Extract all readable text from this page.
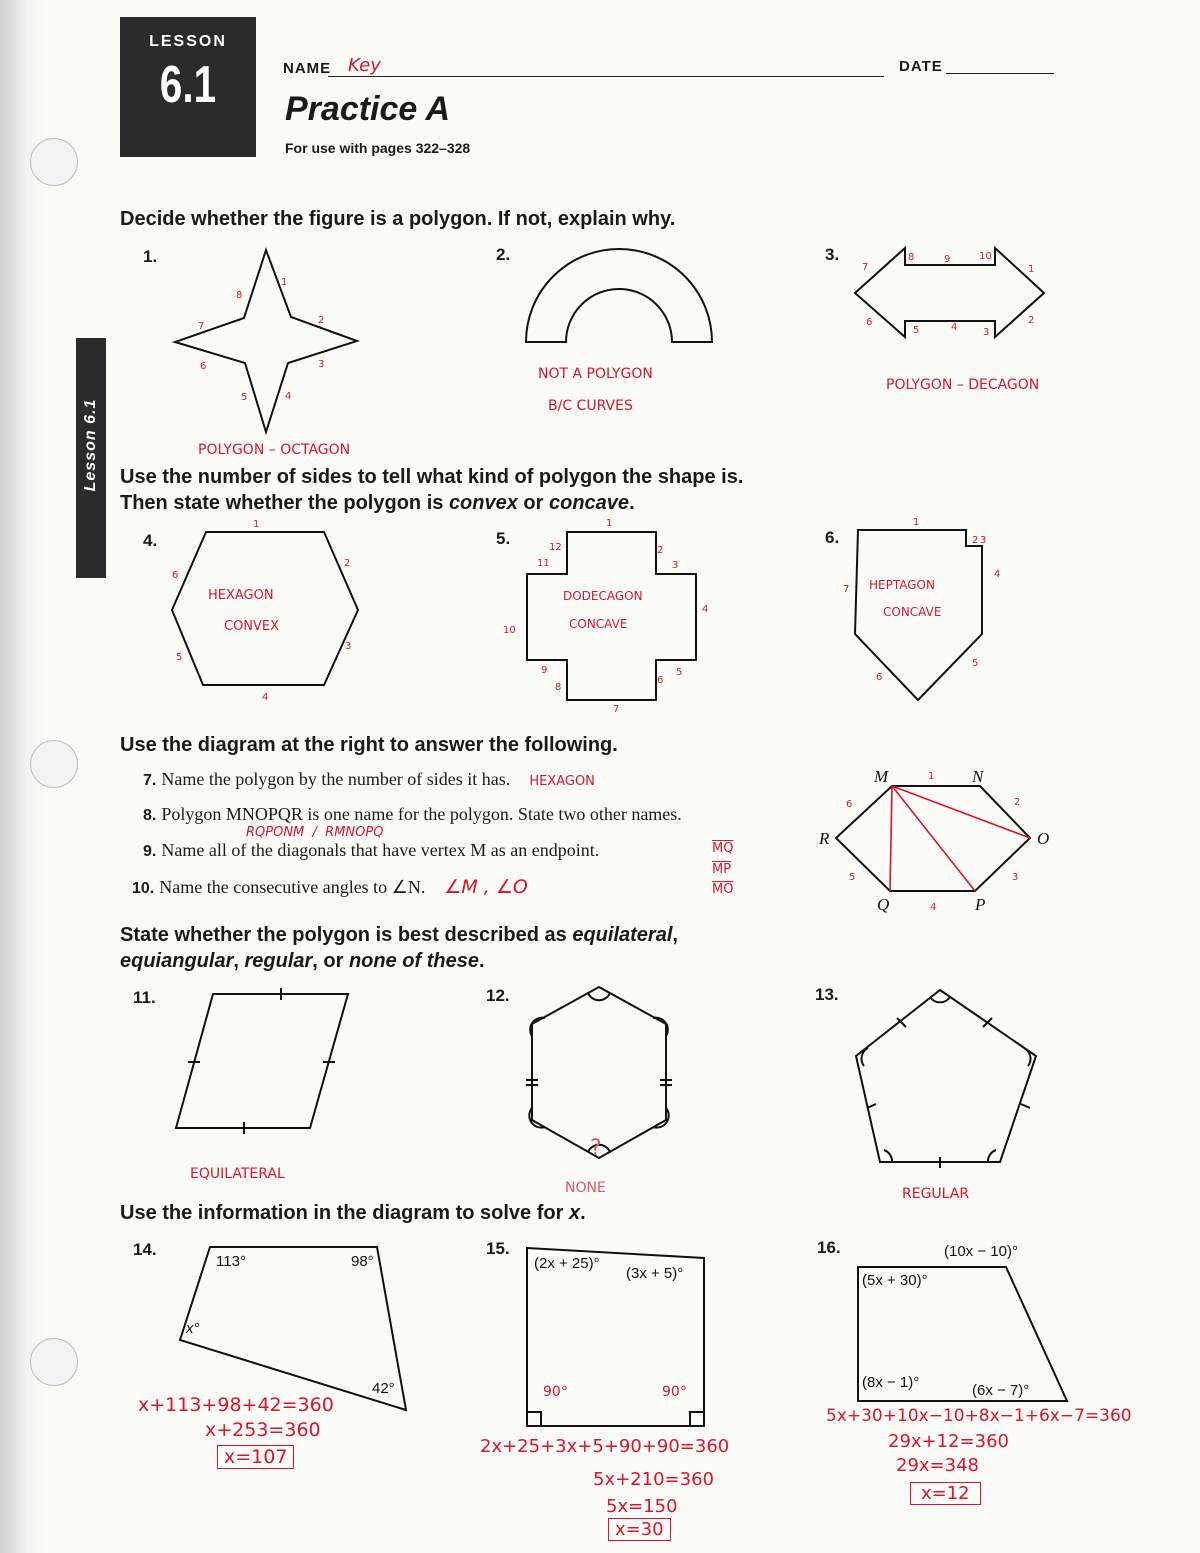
Lesson 6.1
LESSON
6.1	NAME Key	DATE
Practice A
For use with pages 322–328
Decide whether the figure is a polygon. If not, explain why.
1.	2.	3.
1
2
3
4
5
6
7
8
1
2
3
4
5
6
7
8	9	10
POLYGON – OCTAGON
NOT A POLYGON
B/C CURVES
POLYGON – DECAGON
Use the number of sides to tell what kind of polygon the shape is.
Then state whether the polygon is convex or concave.
4.	5.	6.
1
2
3
4
5
6
1
2
3
4
5
6
7
8
9
10
11
12
1
2 3
4
5
6
7
HEXAGON
CONVEX
DODECAGON
CONCAVE
HEPTAGON
CONCAVE
Use the diagram at the right to answer the following.
7. Name the polygon by the number of sides it has. HEXAGON
8. Polygon MNOPQR is one name for the polygon. State two other names.
RQPONM  /  RMNOPQ
9. Name all of the diagonals that have vertex M as an endpoint.	$\overline{MQ}$
$\overline{MP}$
$\overline{MO}$
10. Name the consecutive angles to ∠N. ∠M , ∠O
M	N
O
P
Q
R
1
2
3
4
5
6
State whether the polygon is best described as equilateral,
equiangular, regular, or none of these.
11.	12.	13.
EQUILATERAL
?
NONE	REGULAR
Use the information in the diagram to solve for x.
14.	15.	16.
113°	98°
x°
42°
(2x + 25)°
(3x + 5)°
90°	90°
(10x − 10)°
(5x + 30)°
(8x − 1)°	(6x − 7)°
x+113+98+42=360
x+253=360
x=107	2x+25+3x+5+90+90=360
5x+210=360
5x=150
x=30
5x+30+10x−10+8x−1+6x−7=360
29x+12=360
29x=348
x=12
